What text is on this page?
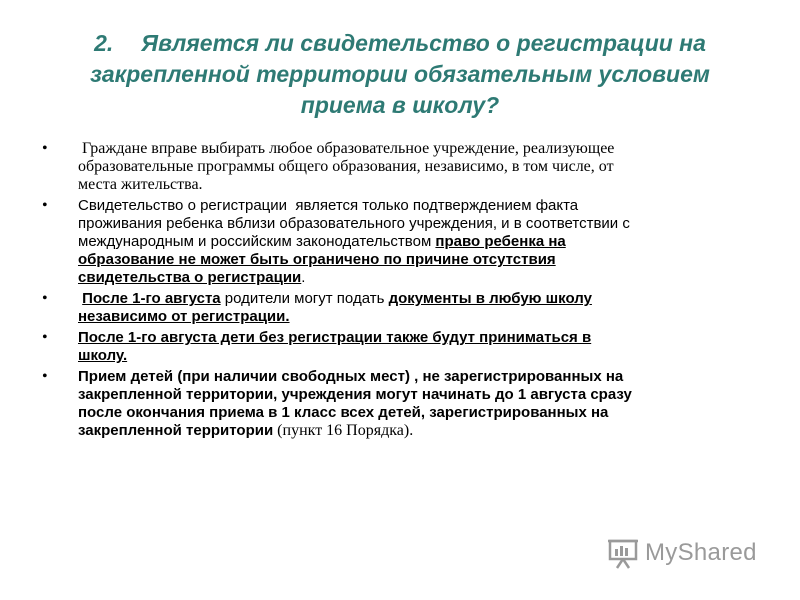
2. Является ли свидетельство о регистрации на
закрепленной территории обязательным условием
приема в школу?
• Граждане вправе выбирать любое образовательное учреждение, реализующее
образовательные программы общего образования, независимо, в том числе, от
места жительства.
• Свидетельство о регистрации  является только подтверждением факта
проживания ребенка вблизи образовательного учреждения, и в соответствии с
международным и российским законодательством право ребенка на
образование не может быть ограничено по причине отсутствия
свидетельства о регистрации.
• После 1-го августа родители могут подать документы в любую школу
независимо от регистрации.
• После 1-го августа дети без регистрации также будут приниматься в
школу.
• Прием детей (при наличии свободных мест) , не зарегистрированных на
закрепленной территории, учреждения могут начинать до 1 августа сразу
после окончания приема в 1 класс всех детей, зарегистрированных на
закрепленной территории (пункт 16 Порядка).
MyShared
